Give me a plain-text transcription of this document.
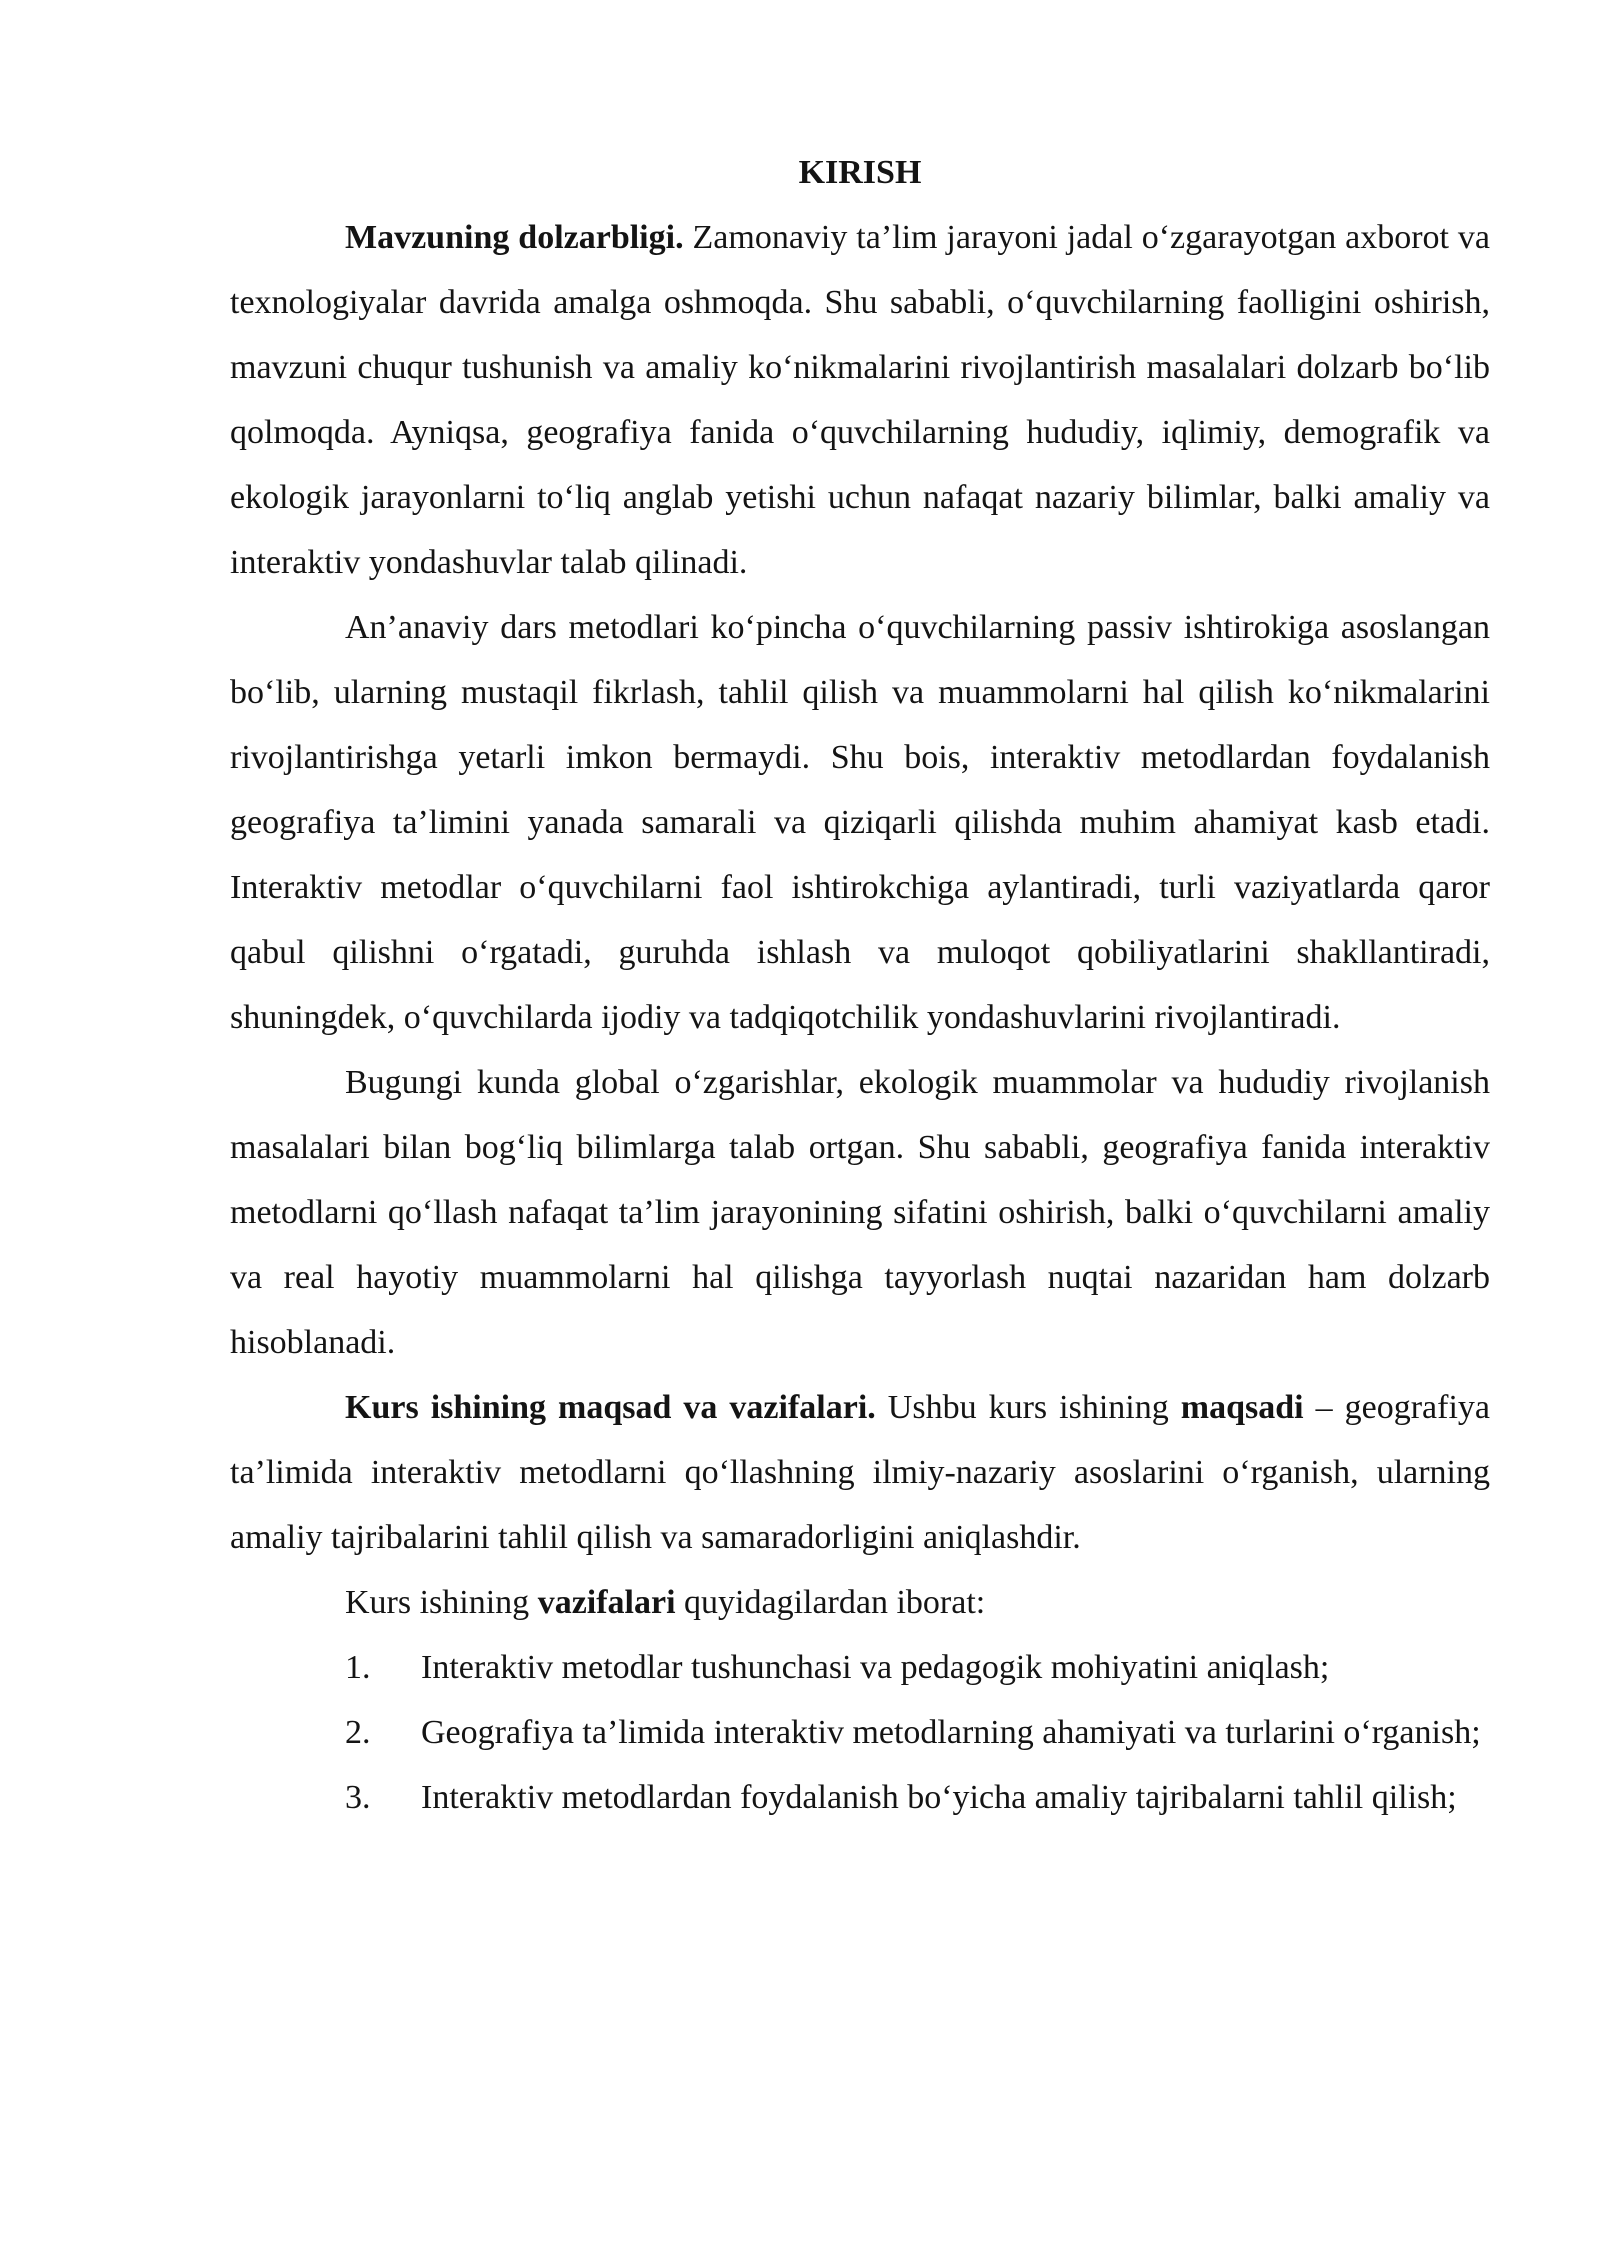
KIRISH

Mavzuning dolzarbligi. Zamonaviy ta’lim jarayoni jadal o‘zgarayotgan axborot va texnologiyalar davrida amalga oshmoqda. Shu sababli, o‘quvchilarning faolligini oshirish, mavzuni chuqur tushunish va amaliy ko‘nikmalarini rivojlantirish masalalari dolzarb bo‘lib qolmoqda. Ayniqsa, geografiya fanida o‘quvchilarning hududiy, iqlimiy, demografik va ekologik jarayonlarni to‘liq anglab yetishi uchun nafaqat nazariy bilimlar, balki amaliy va interaktiv yondashuvlar talab qilinadi.

An’anaviy dars metodlari ko‘pincha o‘quvchilarning passiv ishtirokiga asoslangan bo‘lib, ularning mustaqil fikrlash, tahlil qilish va muammolarni hal qilish ko‘nikmalarini rivojlantirishga yetarli imkon bermaydi. Shu bois, interaktiv metodlardan foydalanish geografiya ta’limini yanada samarali va qiziqarli qilishda muhim ahamiyat kasb etadi. Interaktiv metodlar o‘quvchilarni faol ishtirokchiga aylantiradi, turli vaziyatlarda qaror qabul qilishni o‘rgatadi, guruhda ishlash va muloqot qobiliyatlarini shakllantiradi, shuningdek, o‘quvchilarda ijodiy va tadqiqotchilik yondashuvlarini rivojlantiradi.

Bugungi kunda global o‘zgarishlar, ekologik muammolar va hududiy rivojlanish masalalari bilan bog‘liq bilimlarga talab ortgan. Shu sababli, geografiya fanida interaktiv metodlarni qo‘llash nafaqat ta’lim jarayonining sifatini oshirish, balki o‘quvchilarni amaliy va real hayotiy muammolarni hal qilishga tayyorlash nuqtai nazaridan ham dolzarb hisoblanadi.

Kurs ishining maqsad va vazifalari. Ushbu kurs ishining maqsadi – geografiya ta’limida interaktiv metodlarni qo‘llashning ilmiy-nazariy asoslarini o‘rganish, ularning amaliy tajribalarini tahlil qilish va samaradorligini aniqlashdir.

Kurs ishining vazifalari quyidagilardan iborat:

1. Interaktiv metodlar tushunchasi va pedagogik mohiyatini aniqlash;

2. Geografiya ta’limida interaktiv metodlarning ahamiyati va turlarini o‘rganish;

3. Interaktiv metodlardan foydalanish bo‘yicha amaliy tajribalarni tahlil qilish;
